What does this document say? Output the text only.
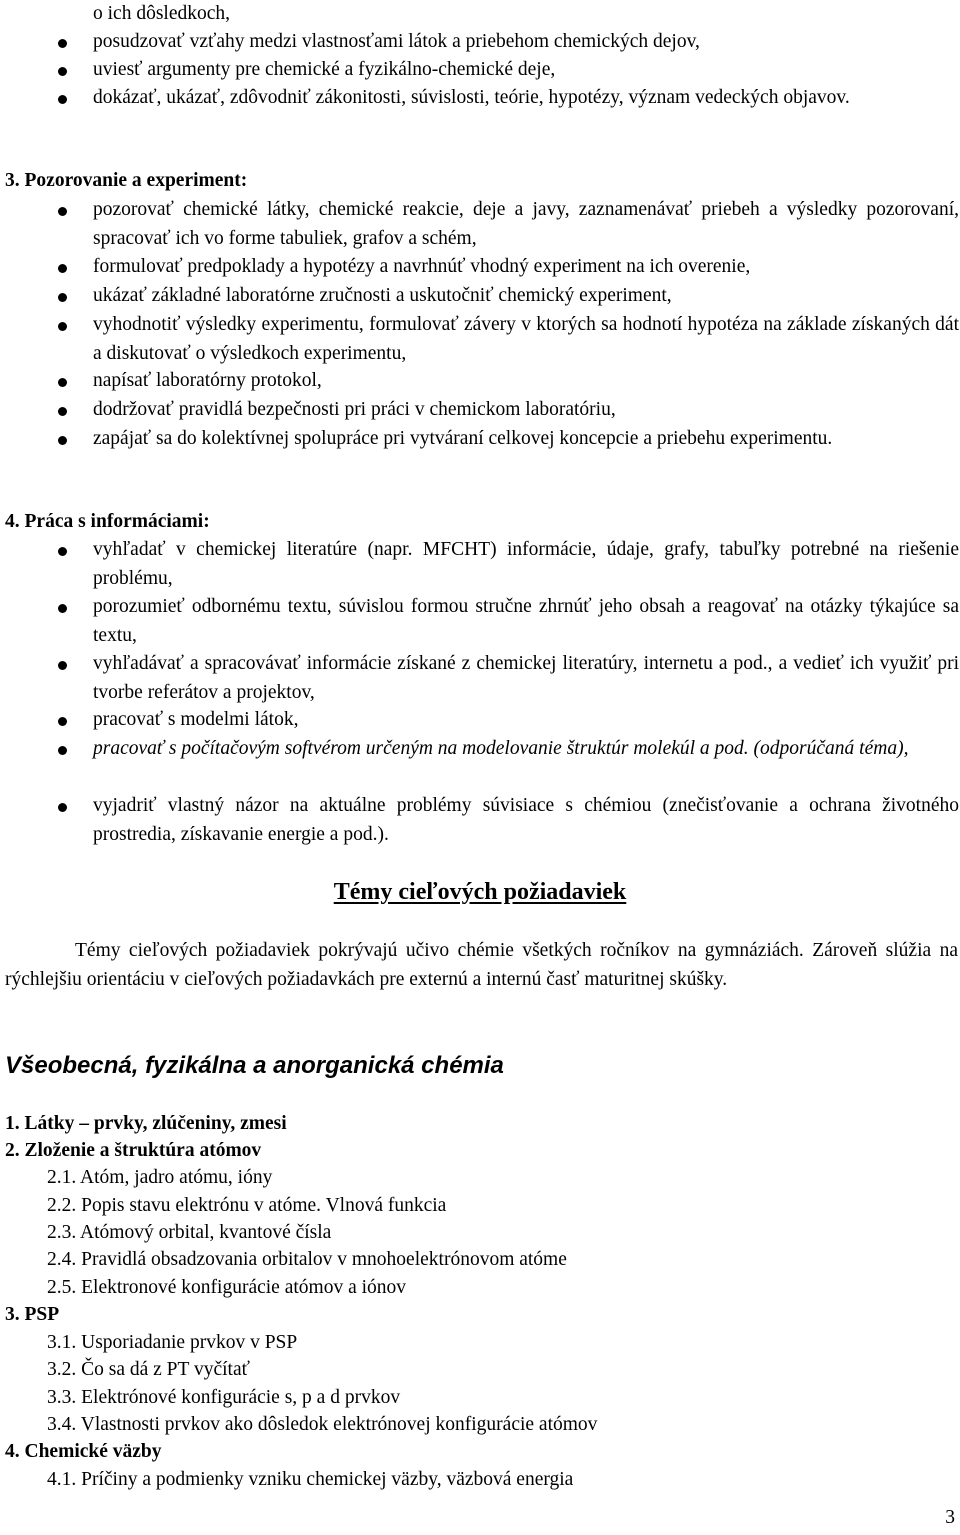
o ich dôsledkoch,
posudzovať vzťahy medzi vlastnosťami látok a priebehom chemických dejov,
uviesť argumenty pre chemické a fyzikálno-chemické deje,
dokázať, ukázať, zdôvodniť zákonitosti, súvislosti, teórie, hypotézy, význam vedeckých objavov.
3. Pozorovanie a experiment:
pozorovať chemické látky, chemické reakcie, deje a javy, zaznamenávať priebeh a výsledky pozorovaní, spracovať ich vo forme tabuliek, grafov a schém,
formulovať predpoklady a hypotézy a navrhnúť vhodný experiment na ich overenie,
ukázať základné laboratórne zručnosti a uskutočniť chemický experiment,
vyhodnotiť výsledky experimentu, formulovať závery v ktorých sa hodnotí hypotéza na základe získaných dát a diskutovať o výsledkoch experimentu,
napísať laboratórny protokol,
dodržovať pravidlá bezpečnosti pri práci v chemickom laboratóriu,
zapájať sa do kolektívnej spolupráce pri vytváraní celkovej koncepcie a priebehu experimentu.
4. Práca s informáciami:
vyhľadať v chemickej literatúre (napr. MFCHT) informácie, údaje, grafy, tabuľky potrebné na riešenie problému,
porozumieť odbornému textu, súvislou formou stručne zhrnúť jeho obsah a reagovať na otázky týkajúce sa textu,
vyhľadávať a spracovávať informácie získané z chemickej literatúry, internetu a pod., a vedieť ich využiť pri tvorbe referátov a projektov,
pracovať s modelmi látok,
pracovať s počítačovým softvérom určeným na modelovanie štruktúr molekúl a pod. (odporúčaná téma),
vyjadriť vlastný názor na aktuálne problémy súvisiace s chémiou (znečisťovanie a ochrana životného prostredia, získavanie energie a pod.).
Témy cieľových požiadaviek
Témy cieľových požiadaviek pokrývajú učivo chémie všetkých ročníkov na gymnáziách. Zároveň slúžia na rýchlejšiu orientáciu v cieľových požiadavkách pre externú a internú časť maturitnej skúšky.
Všeobecná, fyzikálna a anorganická chémia
1. Látky – prvky, zlúčeniny, zmesi
2. Zloženie a štruktúra atómov
2.1. Atóm, jadro atómu, ióny
2.2. Popis stavu elektrónu v atóme. Vlnová funkcia
2.3. Atómový orbital, kvantové čísla
2.4. Pravidlá obsadzovania orbitalov v mnohoelektrónovom atóme
2.5. Elektronové konfigurácie atómov a iónov
3. PSP
3.1. Usporiadanie prvkov v PSP
3.2. Čo sa dá z PT vyčítať
3.3. Elektrónové konfigurácie s, p a d prvkov
3.4. Vlastnosti prvkov ako dôsledok elektrónovej konfigurácie atómov
4. Chemické väzby
4.1. Príčiny a podmienky vzniku chemickej väzby, väzbová energia
3
